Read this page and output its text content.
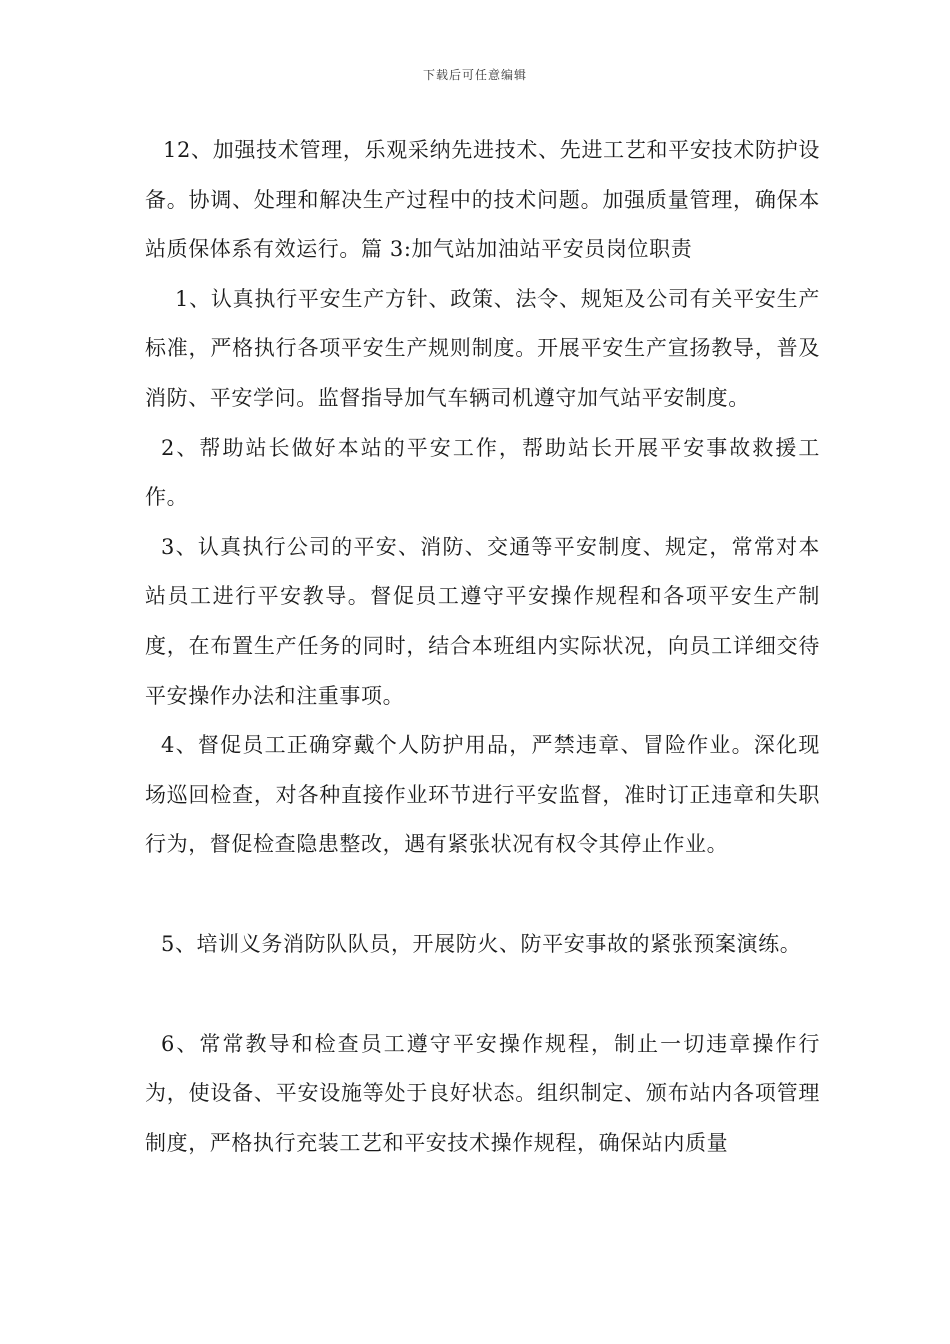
下载后可任意编辑

12、加强技术管理，乐观采纳先进技术、先进工艺和平安技术防护设备。协调、处理和解决生产过程中的技术问题。加强质量管理，确保本站质保体系有效运行。篇 3:加气站加油站平安员岗位职责

1、认真执行平安生产方针、政策、法令、规矩及公司有关平安生产标准，严格执行各项平安生产规则制度。开展平安生产宣扬教导，普及消防、平安学问。监督指导加气车辆司机遵守加气站平安制度。

2、帮助站长做好本站的平安工作，帮助站长开展平安事故救援工作。

3、认真执行公司的平安、消防、交通等平安制度、规定，常常对本站员工进行平安教导。督促员工遵守平安操作规程和各项平安生产制度，在布置生产任务的同时，结合本班组内实际状况，向员工详细交待平安操作办法和注重事项。

4、督促员工正确穿戴个人防护用品，严禁违章、冒险作业。深化现场巡回检查，对各种直接作业环节进行平安监督，准时订正违章和失职行为，督促检查隐患整改，遇有紧张状况有权令其停止作业。

5、培训义务消防队队员，开展防火、防平安事故的紧张预案演练。

6、常常教导和检查员工遵守平安操作规程，制止一切违章操作行为，使设备、平安设施等处于良好状态。组织制定、颁布站内各项管理制度，严格执行充装工艺和平安技术操作规程，确保站内质量
